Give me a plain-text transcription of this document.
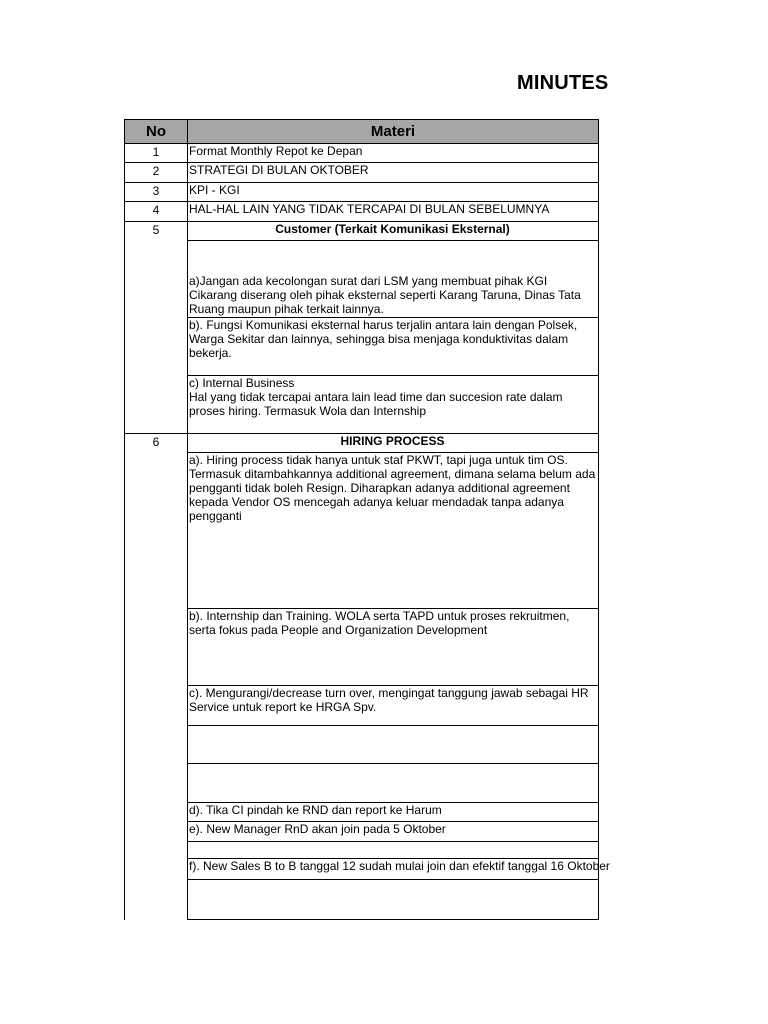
MINUTES
No	Materi
1	Format Monthly Repot ke Depan
2	STRATEGI DI BULAN OKTOBER
3	KPI - KGI
4	HAL-HAL LAIN YANG TIDAK TERCAPAI DI BULAN SEBELUMNYA
5	Customer (Terkait Komunikasi Eksternal)
a)Jangan ada kecolongan surat dari LSM yang membuat pihak KGI Cikarang diserang oleh pihak eksternal seperti Karang Taruna, Dinas Tata Ruang maupun pihak terkait lainnya.
b). Fungsi Komunikasi eksternal harus terjalin antara lain dengan Polsek, Warga Sekitar dan lainnya, sehingga bisa menjaga konduktivitas dalam bekerja.
c) Internal Business
Hal yang tidak tercapai antara lain lead time dan succesion rate dalam proses hiring. Termasuk Wola dan Internship
6	HIRING PROCESS
a). Hiring process tidak hanya untuk staf PKWT, tapi juga untuk tim OS. Termasuk ditambahkannya additional agreement, dimana selama belum ada pengganti tidak boleh Resign. Diharapkan adanya additional agreement kepada Vendor OS mencegah adanya keluar mendadak tanpa adanya pengganti
b). Internship dan Training. WOLA serta TAPD untuk proses rekruitmen, serta fokus pada People and Organization Development
c). Mengurangi/decrease turn over, mengingat tanggung jawab sebagai HR Service untuk report ke HRGA Spv.
d). Tika CI pindah ke RND dan report ke Harum
e). New Manager RnD akan join pada 5 Oktober
f). New Sales B to B tanggal 12 sudah mulai join dan efektif tanggal 16 Oktober
